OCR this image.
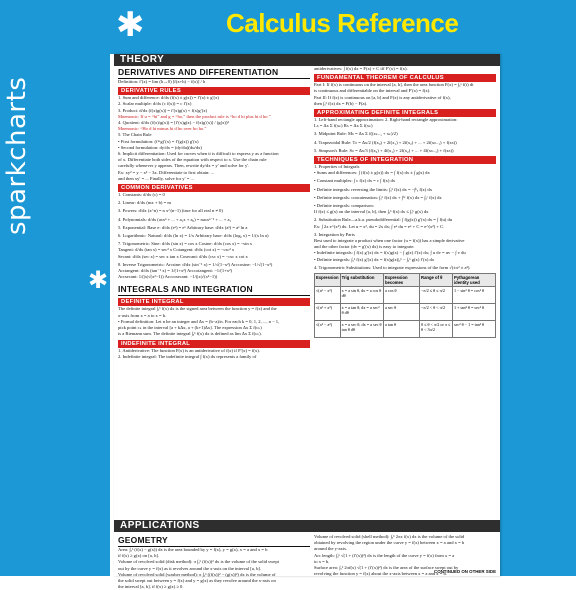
✱	Calculus Reference
sparkcharts
✱
THEORY
DERIVATIVES AND DIFFERENTIATION
Definition: f′(x) = lim (h→0) [f(x+h) − f(x)] / h
DERIVATIVE RULES
1. Sum and difference: d/dx (f(x) ± g(x)) = f′(x) ± g′(x)
2. Scalar multiple: d/dx (c f(x)) = c f′(x)
3. Product: d/dx (f(x)g(x)) = f′(x)g(x) + f(x)g′(x)
Mnemonic: If u = “hi” and g = “ho,” then the product rule is “ho d hi plus hi d ho.”
4. Quotient: d/dx (f(x)/g(x)) = [f′(x)g(x) − f(x)g′(x)] / (g(x))²
Mnemonic: “Ho d hi minus hi d ho over ho ho.”
5. The Chain Rule
• First formulation: (f∘g)′(x) = f′(g(x)) g′(x)
• Second formulation: dy/dx = (dy/du)(du/dx)
6. Implicit differentiation: Used for curves when it is difficult to express y as a function
of x. Differentiate both sides of the equation with respect to x. Use the chain rule
carefully whenever y appears. Then, rewrite dy/dx = y′ and solve for y′.
Ex: xy² = y − x³ − 3x. Differentiate to first obtain: ...
and then xy′ = ... Finally, solve for y′ = ...
COMMON DERIVATIVES
1. Constants: d/dx (c) = 0
2. Linear: d/dx (mx + b) = m
3. Powers: d/dx (x^n) = n x^(n−1) (true for all real n ≠ 0)
4. Polynomials: d/dx (aₙxⁿ + ... + a₁x + a₀) = naₙxⁿ⁻¹ + ... + a₁
5. Exponential: Base e: d/dx (eˣ) = eˣ Arbitrary base: d/dx (aˣ) = aˣ ln a
6. Logarithmic: Natural: d/dx (ln x) = 1/x Arbitrary base: d/dx (logₐ x) = 1/(x ln a)
7. Trigonometric: Sine: d/dx (sin x) = cos x Cosine: d/dx (cos x) = −sin x
Tangent: d/dx (tan x) = sec² x Cotangent: d/dx (cot x) = −csc² x
Secant: d/dx (sec x) = sec x tan x Cosecant: d/dx (csc x) = −csc x cot x
8. Inverse Trigonometric: Arcsine: d/dx (sin⁻¹ x) = 1/√(1−x²) Arccosine: −1/√(1−x²)
Arctangent: d/dx (tan⁻¹ x) = 1/(1+x²) Arccotangent: −1/(1+x²)
Arcsecant: 1/(|x|√(x²−1)) Arccosecant: −1/(|x|√(x²−1))
INTEGRALS AND INTEGRATION
DEFINITE INTEGRAL
The definite integral ∫ₐᵇ f(x) dx is the signed area between the function y = f(x) and the
x-axis from x = a to x = b.
• Formal definition: Let n be an integer and Δx = (b−a)/n. For each k = 0, 1, 2, ..., n − 1,
pick point cₖ in the interval [a + kΔx, a + (k+1)Δx]. The expression Δx Σ f(cₖ)
is a Riemann sum. The definite integral ∫ₐᵇ f(x) dx is defined as lim Δx Σ f(cₖ).
INDEFINITE INTEGRAL
1. Antiderivative: The function F(x) is an antiderivative of f(x) if F′(x) = f(x).
2. Indefinite integral: The indefinite integral ∫ f(x) dx represents a family of
antiderivatives: ∫ f(x) dx = F(x) + C iff F′(x) = f(x).
FUNDAMENTAL THEOREM OF CALCULUS
Part I: If f(x) is continuous on the interval [a, b], then the area function F(x) = ∫ₐˣ f(t) dt
is continuous and differentiable on the interval and F′(x) = f(x).
Part II: If f(x) is continuous on [a, b] and F(x) is any antiderivative of f(x),
then ∫ₐᵇ f(x) dx = F(b) − F(a).
APPROXIMATING DEFINITE INTEGRALS
1. Left-hand rectangle approximation: 2. Right-hand rectangle approximation:
Lₙ = Δx Σ f(xₖ) Rₙ = Δx Σ f(xₖ)
3. Midpoint Rule: Mₙ = Δx Σ f((xₖ₋₁ + xₖ)/2)
4. Trapezoidal Rule: Tₙ = Δx/2 (f(x₀) + 2f(x₁) + 2f(x₂) + ... + 2f(xₙ₋₁) + f(xₙ))
5. Simpson's Rule: Sₙ = Δx/3 (f(x₀) + 4f(x₁) + 2f(x₂) + ... + 4f(xₙ₋₁) + f(xₙ))
TECHNIQUES OF INTEGRATION
1. Properties of Integrals
• Sums and differences: ∫ (f(x) ± g(x)) dx = ∫ f(x) dx ± ∫ g(x) dx
• Constant multiples: ∫ c f(x) dx = c ∫ f(x) dx
• Definite integrals: reversing the limits: ∫ₐᵇ f(x) dx = −∫ᵇₐ f(x) dx
• Definite integrals: concatenation: ∫ₐᵇ f(x) dx + ∫ᵇᶜ f(x) dx = ∫ₐᶜ f(x) dx
• Definite integrals: comparison:
If f(x) ≤ g(x) on the interval [a, b], then ∫ₐᵇ f(x) dx ≤ ∫ₐᵇ g(x) dx
2. Substitution Rule—a.k.a. pseudodifferential: ∫ f(g(x)) g′(x) dx = ∫ f(u) du
Ex: ∫ 2x e^(x²) dx. Let u = x², du = 2x dx; ∫ eᵘ du = eᵘ + C = e^(x²) + C.
3. Integration by Parts
Best used to integrate a product when one factor (u = f(x)) has a simple derivative
and the other factor (dv = g′(x) dx) is easy to integrate.
• Indefinite integrals: ∫ f(x) g′(x) dx = f(x)g(x) − ∫ g(x) f′(x) dx; ∫ u dv = uv − ∫ v du
• Definite integrals: ∫ₐᵇ f(x) g′(x) dx = f(x)g(x)|ₐᵇ − ∫ₐᵇ g(x) f′(x) dx
4. Trigonometric Substitutions: Used to integrate expressions of the form √(±x² ± a²).
Expression	Trig substitution	Expression becomes	Range of θ	Pythagorean identity used
√(a² − x²)	x = a sin θ, dx = a cos θ dθ	a cos θ	−π/2 ≤ θ ≤ π/2	1 − sin² θ = cos² θ
√(a² + x²)	x = a tan θ, dx = a sec² θ dθ	a sec θ	−π/2 < θ < π/2	1 + tan² θ = sec² θ
√(x² − a²)	x = a sec θ, dx = a sec θ tan θ dθ	a tan θ	0 ≤ θ < π/2 or π ≤ θ < 3π/2	sec² θ − 1 = tan² θ
APPLICATIONS
GEOMETRY
Area: ∫ₐᵇ (f(x) − g(x)) dx is the area bounded by y = f(x), y = g(x), x = a and x = b
if f(x) ≥ g(x) on [a, b].
Volume of revolved solid (disk method): π ∫ₐᵇ (f(x))² dx is the volume of the solid swept
out by the curve y = f(x) as it revolves around the x-axis on the interval [a, b].
Volume of revolved solid (washer method): π ∫ₐᵇ ((f(x))² − (g(x))²) dx is the volume of
the solid swept out between y = f(x) and y = g(x) as they revolve around the x-axis on
the interval [a, b], if f(x) ≥ g(x) ≥ 0.
Volume of revolved solid (shell method): ∫ₐᵇ 2πx f(x) dx is the volume of the solid
obtained by revolving the region under the curve y = f(x) between x = a and x = b
around the y-axis.
Arc length: ∫ₐᵇ √(1 + (f′(x))²) dx is the length of the curve y = f(x) from x = a
to x = b.
Surface area: ∫ₐᵇ 2πf(x) √(1 + (f′(x))²) dx is the area of the surface swept out by
revolving the function y = f(x) about the x-axis between x = a and x = b.
CONTINUED ON OTHER SIDE
